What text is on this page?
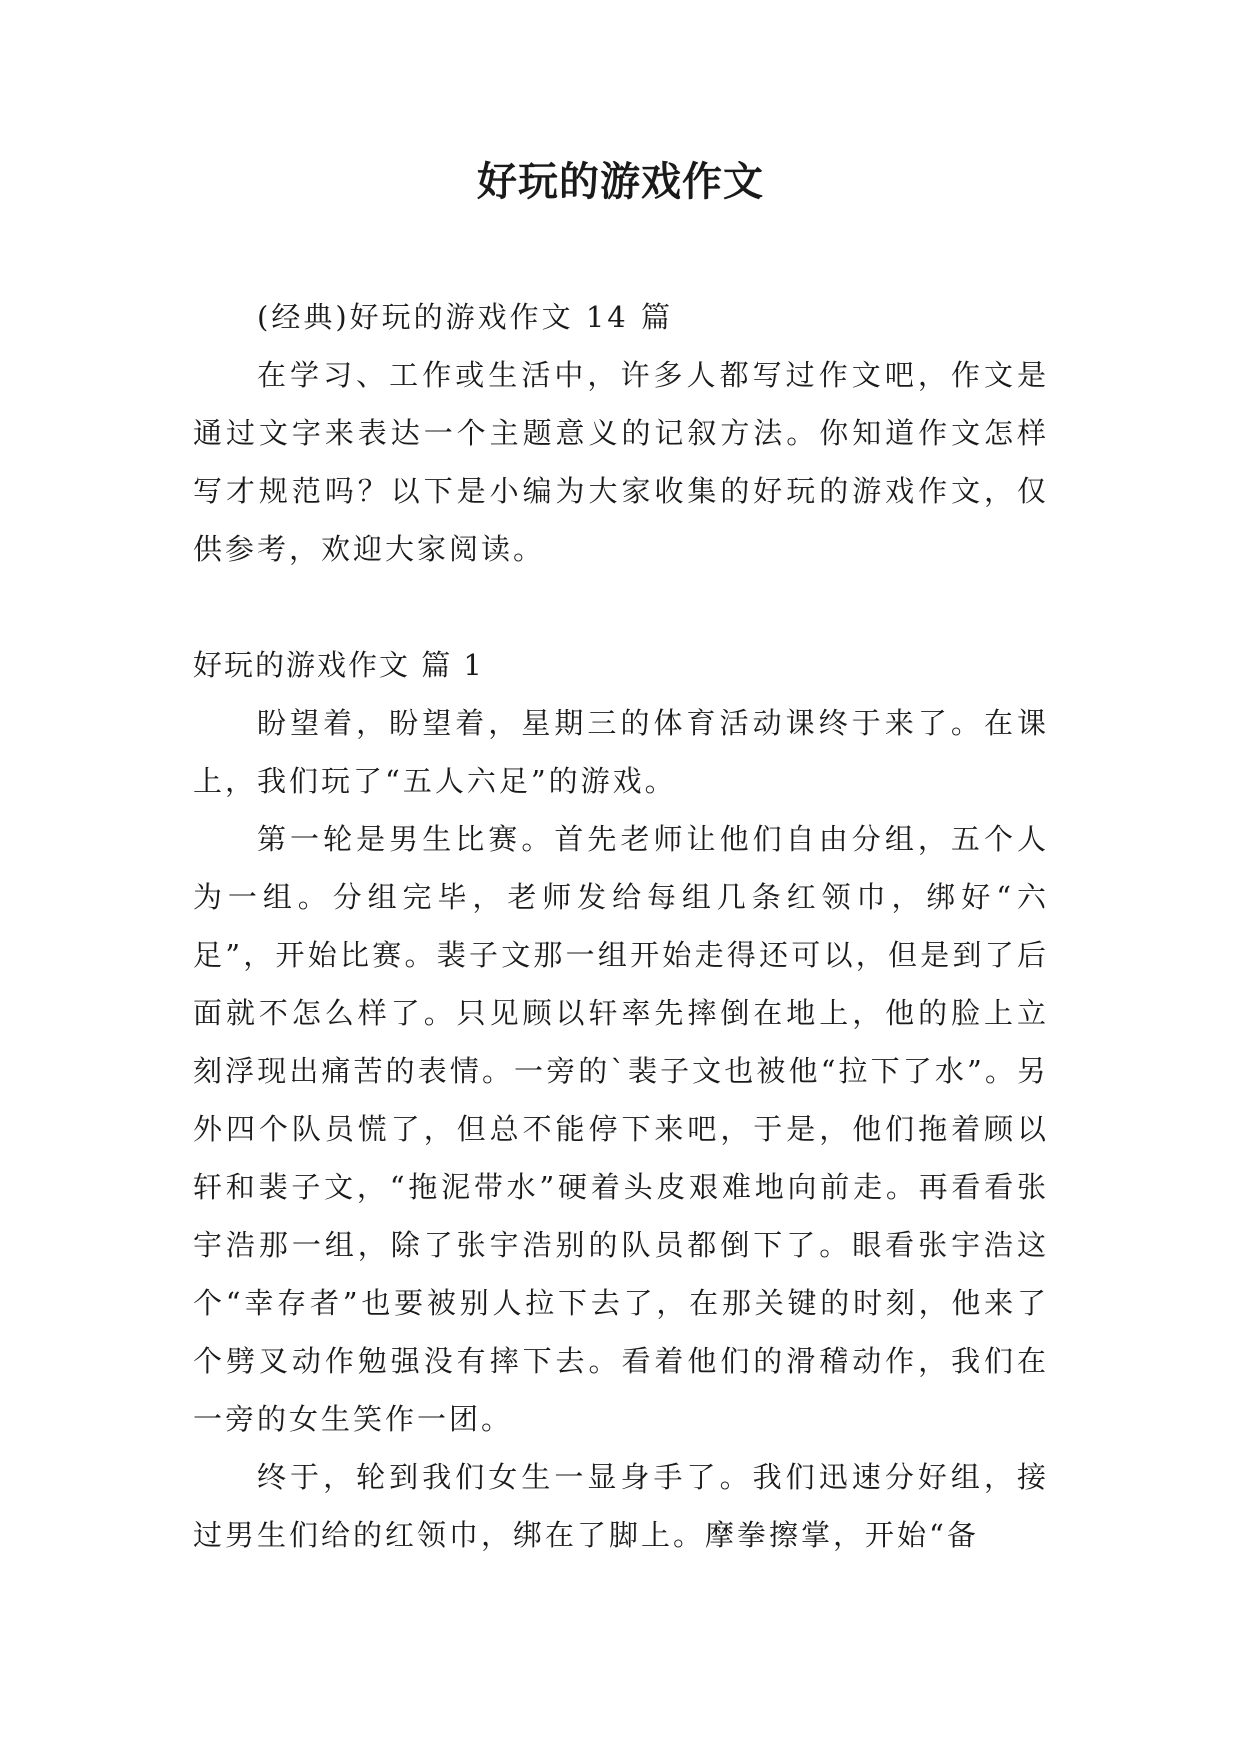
好玩的游戏作文

(经典)好玩的游戏作文 14 篇

在学习、工作或生活中，许多人都写过作文吧，作文是通过文字来表达一个主题意义的记叙方法。你知道作文怎样写才规范吗？以下是小编为大家收集的好玩的游戏作文，仅供参考，欢迎大家阅读。

好玩的游戏作文 篇 1

盼望着，盼望着，星期三的体育活动课终于来了。在课上，我们玩了“五人六足”的游戏。

第一轮是男生比赛。首先老师让他们自由分组，五个人为一组。分组完毕，老师发给每组几条红领巾，绑好“六足”，开始比赛。裴子文那一组开始走得还可以，但是到了后面就不怎么样了。只见顾以轩率先摔倒在地上，他的脸上立刻浮现出痛苦的表情。一旁的`裴子文也被他“拉下了水”。另外四个队员慌了，但总不能停下来吧，于是，他们拖着顾以轩和裴子文，“拖泥带水”硬着头皮艰难地向前走。再看看张宇浩那一组，除了张宇浩别的队员都倒下了。眼看张宇浩这个“幸存者”也要被别人拉下去了，在那关键的时刻，他来了个劈叉动作勉强没有摔下去。看着他们的滑稽动作，我们在一旁的女生笑作一团。

终于，轮到我们女生一显身手了。我们迅速分好组，接过男生们给的红领巾，绑在了脚上。摩拳擦掌，开始“备
